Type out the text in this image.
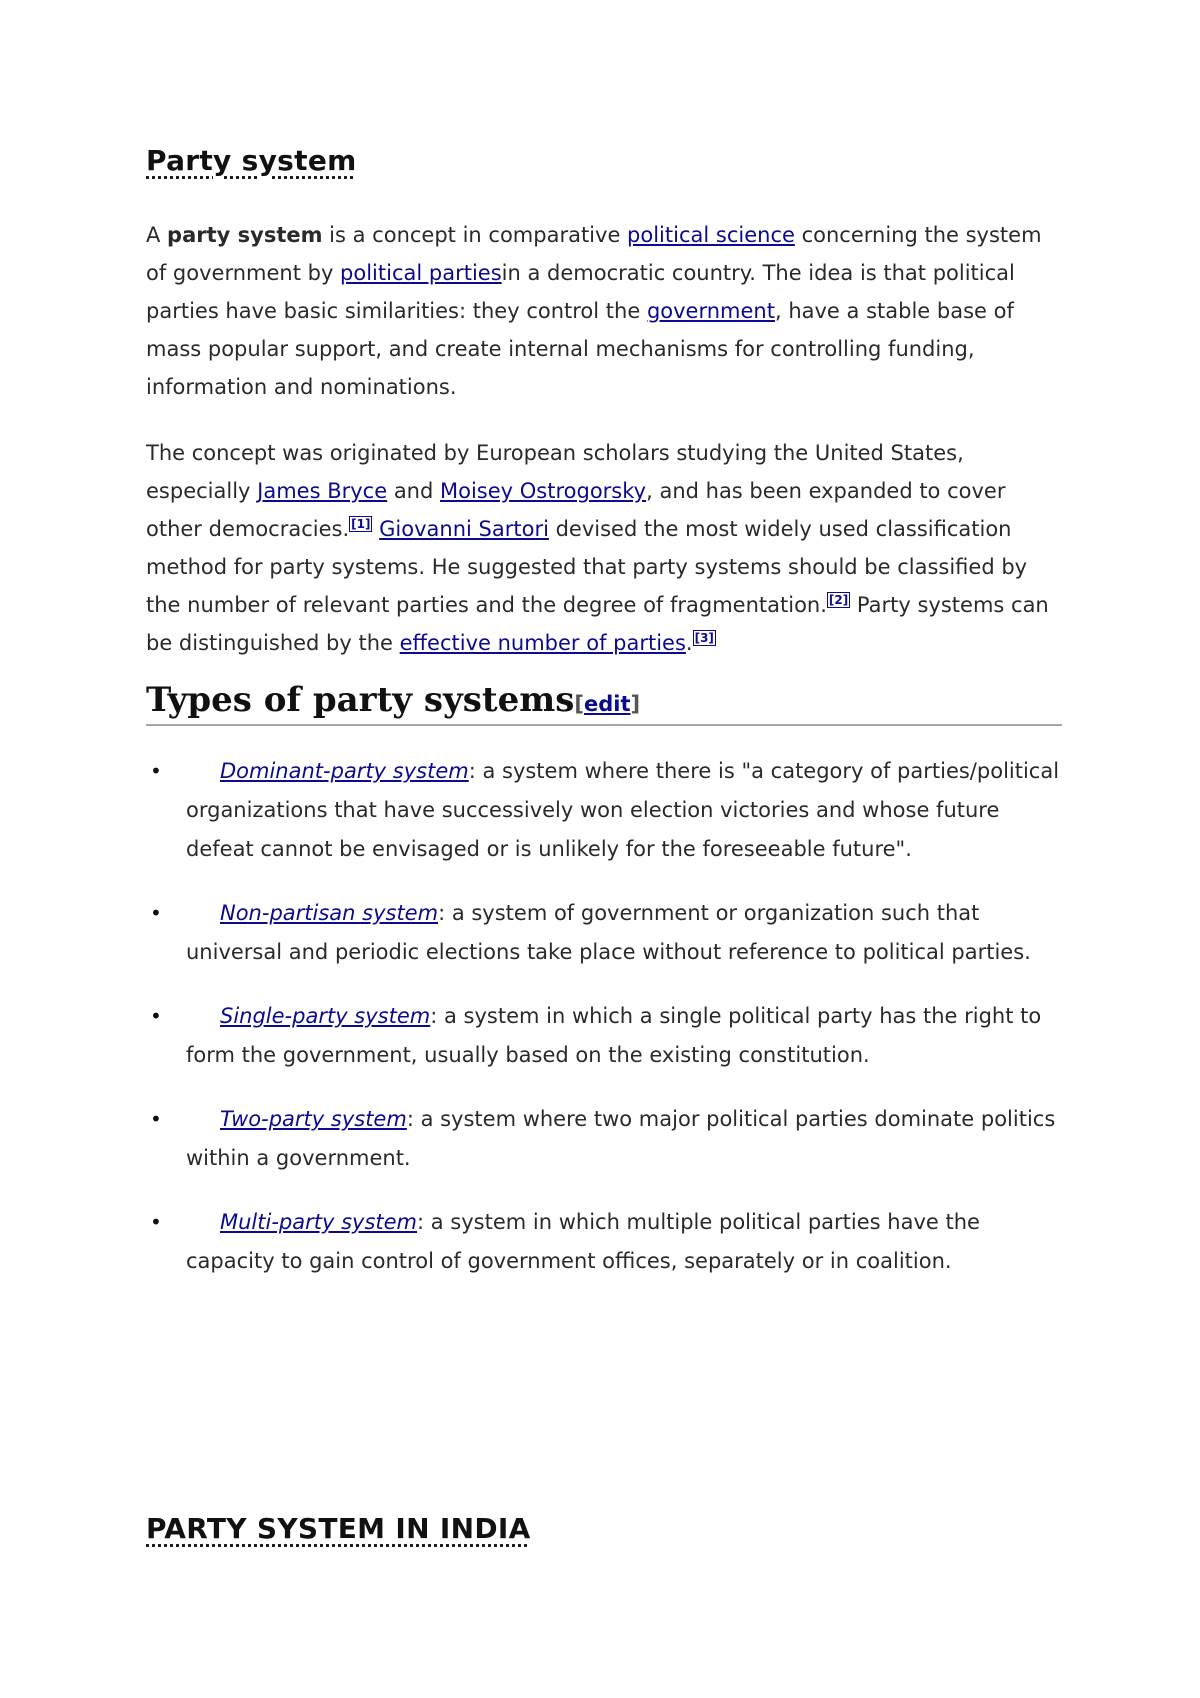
Party system

A party system is a concept in comparative political science concerning the system of government by political partiesin a democratic country. The idea is that political parties have basic similarities: they control the government, have a stable base of mass popular support, and create internal mechanisms for controlling funding, information and nominations.

The concept was originated by European scholars studying the United States, especially James Bryce and Moisey Ostrogorsky, and has been expanded to cover other democracies. [1] Giovanni Sartori devised the most widely used classification method for party systems. He suggested that party systems should be classified by the number of relevant parties and the degree of fragmentation. [2] Party systems can be distinguished by the effective number of parties. [3]

Types of party systems[edit]
•	Dominant-party system: a system where there is "a category of parties/political organizations that have successively won election victories and whose future defeat cannot be envisaged or is unlikely for the foreseeable future".
•	Non-partisan system: a system of government or organization such that universal and periodic elections take place without reference to political parties.
•	Single-party system: a system in which a single political party has the right to form the government, usually based on the existing constitution.
•	Two-party system: a system where two major political parties dominate politics within a government.
•	Multi-party system: a system in which multiple political parties have the capacity to gain control of government offices, separately or in coalition.
PARTY SYSTEM IN INDIA
